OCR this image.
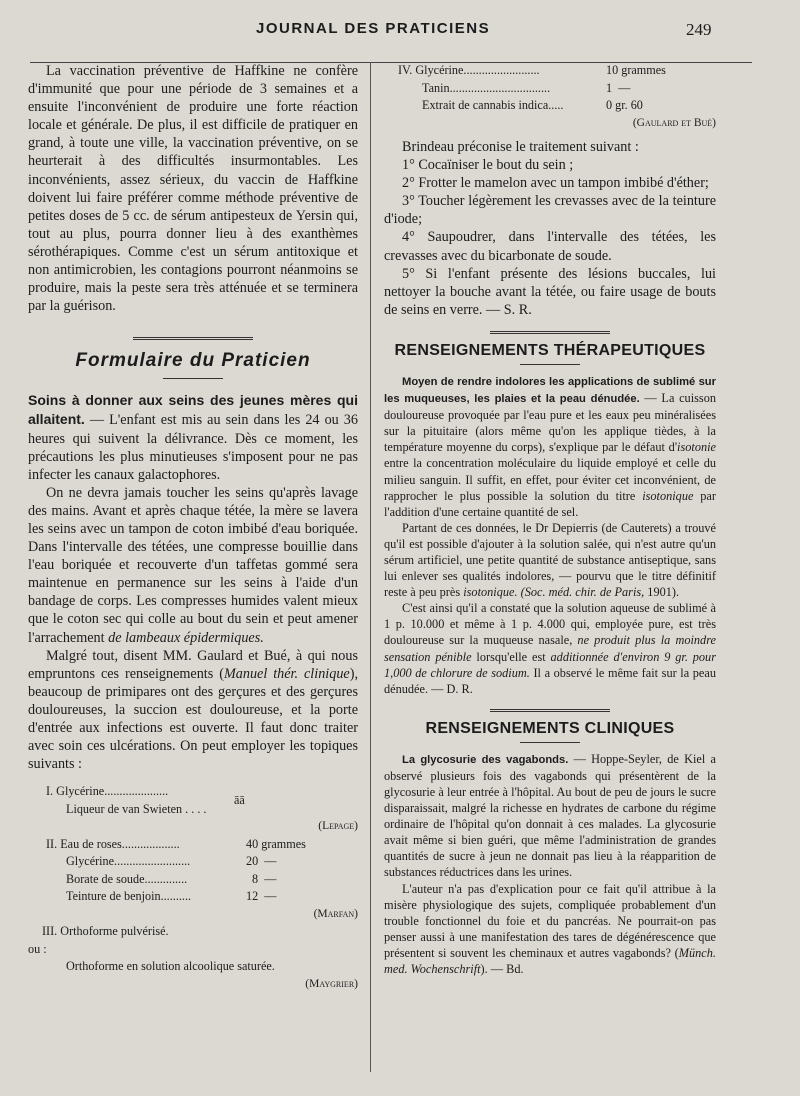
JOURNAL DES PRATICIENS	249

La vaccination préventive de Haffkine ne confère d'immunité que pour une période de 3 semaines et a ensuite l'inconvénient de produire une forte réaction locale et générale. De plus, il est difficile de pratiquer en grand, à toute une ville, la vaccination préventive, on se heurterait à des difficultés insurmontables. Les inconvénients, assez sérieux, du vaccin de Haffkine doivent lui faire préférer comme méthode préventive de petites doses de 5 cc. de sérum antipesteux de Yersin qui, tout au plus, pourra donner lieu à des exanthèmes sérothérapiques. Comme c'est un sérum antitoxique et non antimicrobien, les contagions pourront néanmoins se produire, mais la peste sera très atténuée et se terminera par la guérison.

Formulaire du Praticien

Soins à donner aux seins des jeunes mères qui allaitent. — L'enfant est mis au sein dans les 24 ou 36 heures qui suivent la délivrance. Dès ce moment, les précautions les plus minutieuses s'imposent pour ne pas infecter les canaux galactophores.

On ne devra jamais toucher les seins qu'après lavage des mains. Avant et après chaque tétée, la mère se lavera les seins avec un tampon de coton imbibé d'eau boriquée. Dans l'intervalle des tétées, une compresse bouillie dans l'eau boriquée et recouverte d'un taffetas gommé sera maintenue en permanence sur les seins à l'aide d'un bandage de corps. Les compresses humides valent mieux que le coton sec qui colle au bout du sein et peut amener l'arrachement de lambeaux épidermiques.

Malgré tout, disent MM. Gaulard et Bué, à qui nous empruntons ces renseignements (Manuel thér. clinique), beaucoup de primipares ont des gerçures et des gerçures douloureuses, la succion est douloureuse, et la porte d'entrée aux infections est ouverte. Il faut donc traiter avec soin ces ulcérations. On peut employer les topiques suivants :

I. Glycérine.....................
Liqueur de van Swieten . . . .
āā
(Lepage)
II. Eau de roses...................	40 grammes
Glycérine.........................	20  —
Borate de soude..............	8  —
Teinture de benjoin..........	12  —
(Marfan)
III. Orthoforme pulvérisé.
ou :
Orthoforme en solution alcoolique saturée.
(Maygrier)
IV. Glycérine.........................	10 grammes
Tanin.................................	1  —
Extrait de cannabis indica.....	0 gr. 60
(Gaulard et Bué)

Brindeau préconise le traitement suivant :

1° Cocaïniser le bout du sein ;

2° Frotter le mamelon avec un tampon imbibé d'éther;

3° Toucher légèrement les crevasses avec de la teinture d'iode;

4° Saupoudrer, dans l'intervalle des tétées, les crevasses avec du bicarbonate de soude.

5° Si l'enfant présente des lésions buccales, lui nettoyer la bouche avant la tétée, ou faire usage de bouts de seins en verre. — S. R.

RENSEIGNEMENTS THÉRAPEUTIQUES

Moyen de rendre indolores les applications de sublimé sur les muqueuses, les plaies et la peau dénudée. — La cuisson douloureuse provoquée par l'eau pure et les eaux peu minéralisées sur la pituitaire (alors même qu'on les applique tièdes, à la température moyenne du corps), s'explique par le défaut d'isotonie entre la concentration moléculaire du liquide employé et celle du milieu sanguin. Il suffit, en effet, pour éviter cet inconvénient, de rapprocher le plus possible la solution du titre isotonique par l'addition d'une certaine quantité de sel.

Partant de ces données, le Dr Depierris (de Cauterets) a trouvé qu'il est possible d'ajouter à la solution salée, qui n'est autre qu'un sérum artificiel, une petite quantité de substance antiseptique, sans lui enlever ses qualités indolores, — pourvu que le titre définitif reste à peu près isotonique. (Soc. méd. chir. de Paris, 1901).

C'est ainsi qu'il a constaté que la solution aqueuse de sublimé à 1 p. 10.000 et même à 1 p. 4.000 qui, employée pure, est très douloureuse sur la muqueuse nasale, ne produit plus la moindre sensation pénible lorsqu'elle est additionnée d'environ 9 gr. pour 1,000 de chlorure de sodium. Il a observé le même fait sur la peau dénudée. — D. R.

RENSEIGNEMENTS CLINIQUES

La glycosurie des vagabonds. — Hoppe-Seyler, de Kiel a observé plusieurs fois des vagabonds qui présentèrent de la glycosurie à leur entrée à l'hôpital. Au bout de peu de jours le sucre disparaissait, malgré la richesse en hydrates de carbone du régime ordinaire de l'hôpital qu'on donnait à ces malades. La glycosurie avait même si bien guéri, que même l'administration de grandes quantités de sucre à jeun ne donnait pas lieu à la réapparition de substances réductrices dans les urines.

L'auteur n'a pas d'explication pour ce fait qu'il attribue à la misère physiologique des sujets, compliquée probablement d'un trouble fonctionnel du foie et du pancréas. Ne pourrait-on pas penser aussi à une manifestation des tares de dégénérescence que présentent si souvent les cheminaux et autres vagabonds? (Münch. med. Wochenschrift). — Bd.
